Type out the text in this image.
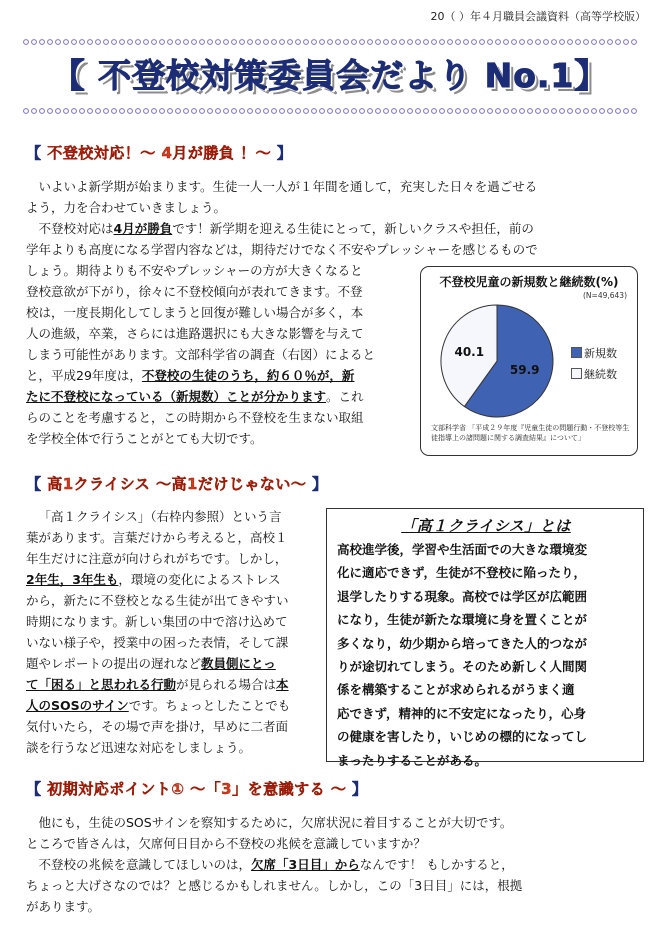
20（ ）年４月職員会議資料（高等学校版）
【 不登校対策委員会だより No.1】
【 不登校対応！～ 4月が勝負 ！～ 】

いよいよ新学期が始まります。生徒一人一人が１年間を通して，充実した日々を過ごせる

よう，力を合わせていきましょう。

不登校対応は4月が勝負です！新学期を迎える生徒にとって，新しいクラスや担任，前の

学年よりも高度になる学習内容などは，期待だけでなく不安やプレッシャーを感じるもので

しょう。期待よりも不安やプレッシャーの方が大きくなると

登校意欲が下がり，徐々に不登校傾向が表れてきます。不登

校は，一度長期化してしまうと回復が難しい場合が多く，本

人の進級，卒業，さらには進路選択にも大きな影響を与えて

しまう可能性があります。文部科学省の調査（右図）によると

と，平成29年度は，不登校の生徒のうち，約６０％が，新

たに不登校になっている（新規数）ことが分かります。これ

らのことを考慮すると，この時期から不登校を生まない取組

を学校全体で行うことがとても大切です。

不登校児童の新規数と継続数(%)
(N=49,643)
59.9
40.1	新規数
継続数
文部科学省 「平成２９年度『児童生徒の問題行動・不登校等生徒指導上の諸問題に関する調査結果』について」
【 高1クライシス ～高1だけじゃない～ 】

「高１クライシス」（右枠内参照）という言

葉があります。言葉だけから考えると，高校１

年生だけに注意が向けられがちです。しかし，

2年生，3年生も，環境の変化によるストレス

から，新たに不登校となる生徒が出てきやすい

時期になります。新しい集団の中で溶け込めて

いない様子や，授業中の困った表情，そして課

題やレポートの提出の遅れなど教員側にとっ

て「困る」と思われる行動が見られる場合は本

人のSOSのサインです。ちょっとしたことでも

気付いたら，その場で声を掛け，早めに二者面

談を行うなど迅速な対応をしましょう。

「高１クライシス」とは
高校進学後，学習や生活面での大きな環境変
化に適応できず，生徒が不登校に陥ったり，
退学したりする現象。高校では学区が広範囲
になり，生徒が新たな環境に身を置くことが
多くなり，幼少期から培ってきた人的つなが
りが途切れてしまう。そのため新しく人間関
係を構築することが求められるがうまく適
応できず，精神的に不安定になったり，心身
の健康を害したり，いじめの標的になってし
まったりすることがある。
【 初期対応ポイント① ～「3」を意識する ～ 】

他にも，生徒のSOSサインを察知するために，欠席状況に着目することが大切です。

ところで皆さんは，欠席何日目から不登校の兆候を意識していますか？

不登校の兆候を意識してほしいのは，欠席「3日目」からなんです！ もしかすると，

ちょっと大げさなのでは？と感じるかもしれません。しかし，この「3日目」には，根拠

があります。
